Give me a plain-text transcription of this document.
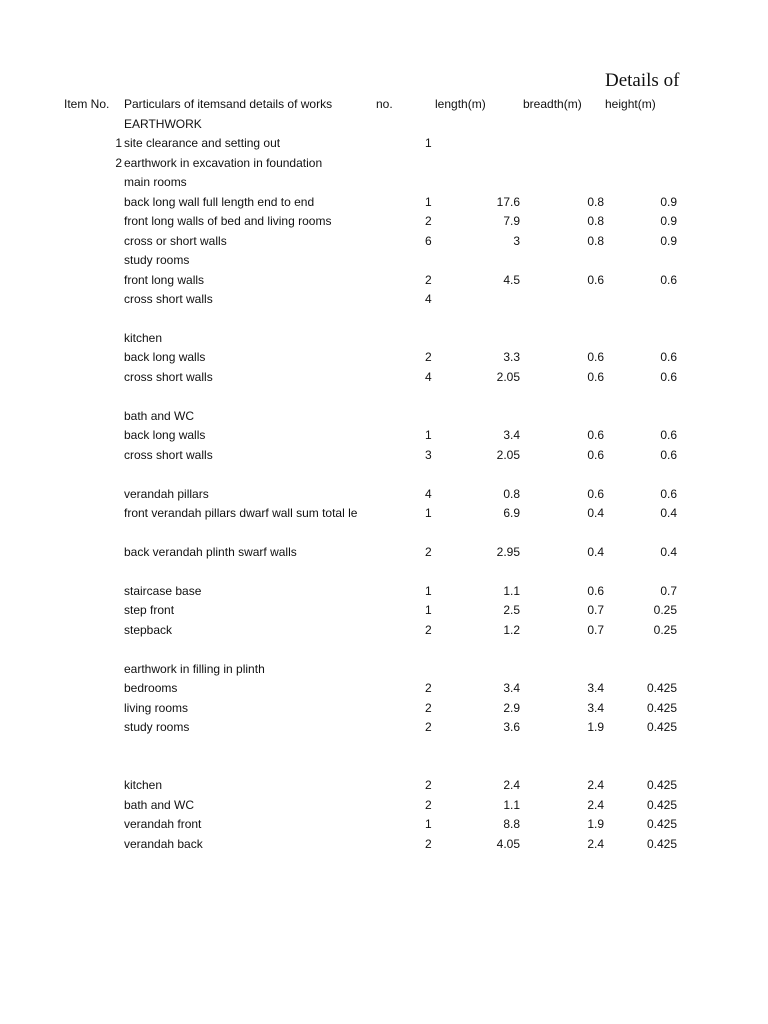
Details of
Item No. Particulars of itemsand details of works	no.	length(m)	breadth(m) height(m)
EARTHWORK
1 site clearance and setting out	1
2 earthwork in excavation in foundation
main rooms
back long wall full length end to end	1	17.6	0.8	0.9
front long walls of bed and living rooms	2	7.9	0.8	0.9
cross or short walls	6	3	0.8	0.9
study rooms
front long walls	2	4.5	0.6	0.6
cross short walls	4
kitchen
back long walls	2	3.3	0.6	0.6
cross short walls	4	2.05	0.6	0.6
bath and WC
back long walls	1	3.4	0.6	0.6
cross short walls	3	2.05	0.6	0.6
verandah pillars	4	0.8	0.6	0.6
front verandah pillars dwarf wall sum total le	1	6.9	0.4	0.4
back verandah plinth swarf walls	2	2.95	0.4	0.4
staircase base	1	1.1	0.6	0.7
step front	1	2.5	0.7	0.25
stepback	2	1.2	0.7	0.25
earthwork in filling in plinth
bedrooms	2	3.4	3.4	0.425
living rooms	2	2.9	3.4	0.425
study rooms	2	3.6	1.9	0.425
kitchen	2	2.4	2.4	0.425
bath and WC	2	1.1	2.4	0.425
verandah front	1	8.8	1.9	0.425
verandah back	2	4.05	2.4	0.425
